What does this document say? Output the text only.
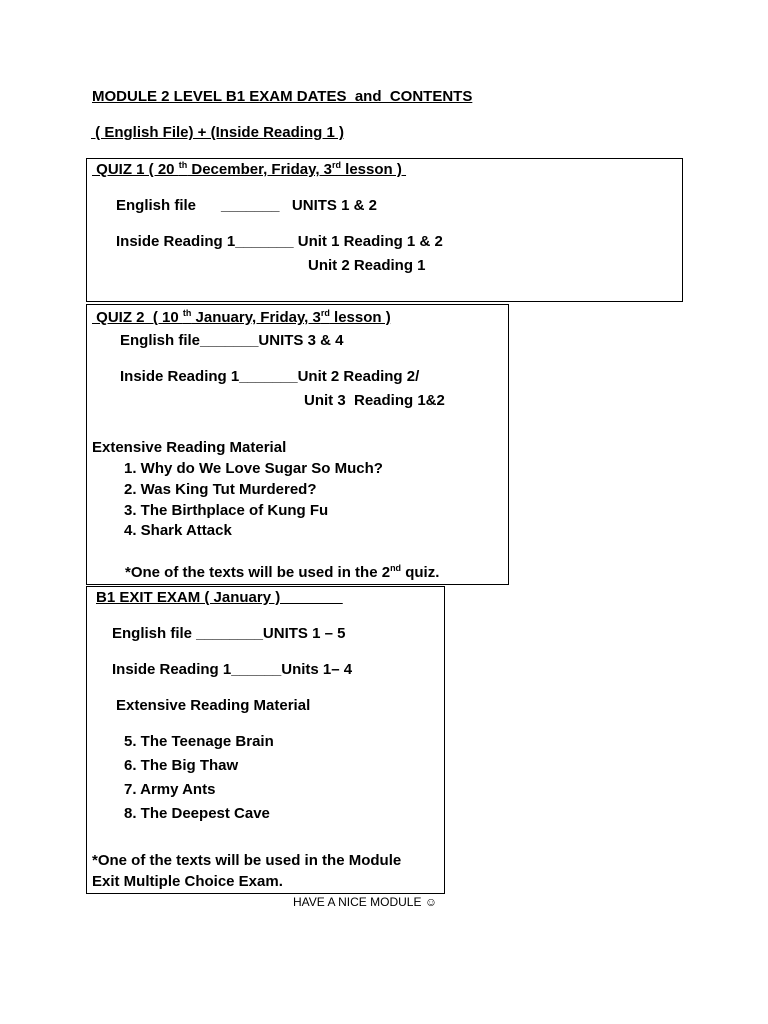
MODULE 2 LEVEL B1 EXAM DATES  and  CONTENTS
( English File) + (Inside Reading 1 )
QUIZ 1 ( 20 $^{th}$ December, Friday, 3rd lesson )
English file      _______   UNITS 1 & 2
Inside Reading 1_______ Unit 1 Reading 1 & 2
Unit 2 Reading 1
QUIZ 2  ( 10 $^{th}$ January, Friday, 3rd lesson )
English file_______UNITS 3 & 4
Inside Reading 1_______Unit 2 Reading 2/
Unit 3  Reading 1&2
Extensive Reading Material
1. Why do We Love Sugar So Much?
2. Was King Tut Murdered?
3. The Birthplace of Kung Fu
4. Shark Attack
*One of the texts will be used in the 2nd quiz.
B1 EXIT EXAM ( January )
English file ________UNITS 1 – 5
Inside Reading 1______Units 1– 4
Extensive Reading Material
5. The Teenage Brain
6. The Big Thaw
7. Army Ants
8. The Deepest Cave
*One of the texts will be used in the Module
Exit Multiple Choice Exam.
HAVE A NICE MODULE ☺
